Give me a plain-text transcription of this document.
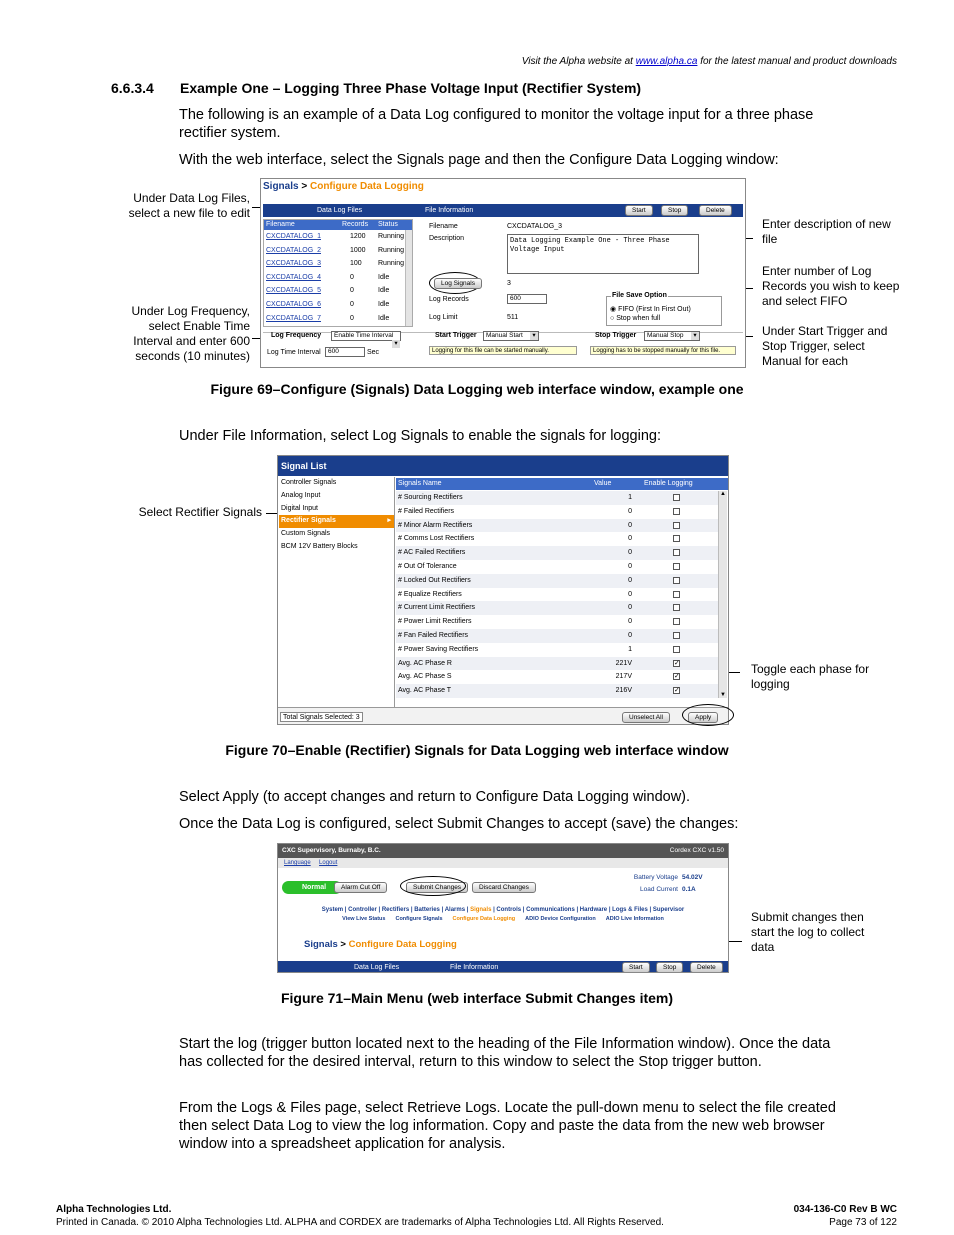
Visit the Alpha website at www.alpha.ca for the latest manual and product downloads
6.6.3.4 Example One – Logging Three Phase Voltage Input (Rectifier System)
The following is an example of a Data Log configured to monitor the voltage input for a three phase rectifier system.
With the web interface, select the Signals page and then the Configure Data Logging window:
Under Data Log Files, select a new file to edit
Under Log Frequency, select Enable Time Interval and enter 600 seconds (10 minutes)
Enter description of new file
Enter number of Log Records you wish to keep and select FIFO
Under Start Trigger and Stop Trigger, select Manual for each
Signals > Configure Data Logging
Data Log Files	File Information	Start	Stop	Delete
Filename	Records Status
CXCDATALOG_1	1200 Running
CXCDATALOG_2	1000 Running
CXCDATALOG_3	100 Running
CXCDATALOG_4	0	Idle
CXCDATALOG_5	0	Idle
CXCDATALOG_6	0	Idle
CXCDATALOG_7	0	Idle
Filename	CXCDATALOG_3
Description	Data Logging Example One - Three Phase Voltage Input
Log Signals	3
Log Records	600
Log Limit	511
File Save Option
◉ FIFO (First In First Out)
○ Stop when full
Log Frequency	Enable Time Interval
▾
Start Trigger	Manual Start	▾	Stop Trigger	Manual Stop	▾
Log Time Interval	600	Sec	Logging for this file can be started manually.	Logging has to be stopped manually for this file.
Figure 69–Configure (Signals) Data Logging web interface window, example one
Under File Information, select Log Signals to enable the signals for logging:
Select Rectifier Signals
Toggle each phase for logging
Signal List
Controller Signals
Analog Input
Digital Input
Rectifier Signals	▸
Custom Signals
BCM 12V Battery Blocks
Signals Name	Value	Enable Logging
# Sourcing Rectifiers	1
# Failed Rectifiers	0
# Minor Alarm Rectifiers	0
# Comms Lost Rectifiers	0
# AC Failed Rectifiers	0
# Out Of Tolerance	0
# Locked Out Rectifiers	0
# Equalize Rectifiers	0
# Current Limit Rectifiers	0
# Power Limit Rectifiers	0
# Fan Failed Rectifiers	0
# Power Saving Rectifiers	1
Avg. AC Phase R	221V	✓
Avg. AC Phase S	217V	✓
Avg. AC Phase T	216V	✓
▲
▼
Total Signals Selected: 3	Unselect All	Apply
Figure 70–Enable (Rectifier) Signals for Data Logging web interface window
Select Apply (to accept changes and return to Configure Data Logging window).
Once the Data Log is configured, select Submit Changes to accept (save) the changes:
Submit changes then start the log to collect data
CXC Supervisory, Burnaby, B.C.	Cordex CXC v1.50
Language Logout
Normal	Alarm Cut Off	Submit Changes	Discard Changes
Battery Voltage 54.02V
Load Current 0.1A
System | Controller | Rectifiers | Batteries | Alarms | Signals | Controls | Communications | Hardware | Logs & Files | Supervisor
View Live Status Configure Signals Configure Data Logging ADIO Device Configuration ADIO Live Information
Signals > Configure Data Logging
Data Log Files	File Information	Start	Stop	Delete
Figure 71–Main Menu (web interface Submit Changes item)
Start the log (trigger button located next to the heading of the File Information window). Once the data has collected for the desired interval, return to this window to select the Stop trigger button.
From the Logs & Files page, select Retrieve Logs. Locate the pull-down menu to select the file created then select Data Log to view the log information. Copy and paste the data from the new web browser window into a spreadsheet application for analysis.
Alpha Technologies Ltd.	034-136-C0 Rev B WC
Printed in Canada. © 2010 Alpha Technologies Ltd. ALPHA and CORDEX are trademarks of Alpha Technologies Ltd. All Rights Reserved.	Page 73 of 122
